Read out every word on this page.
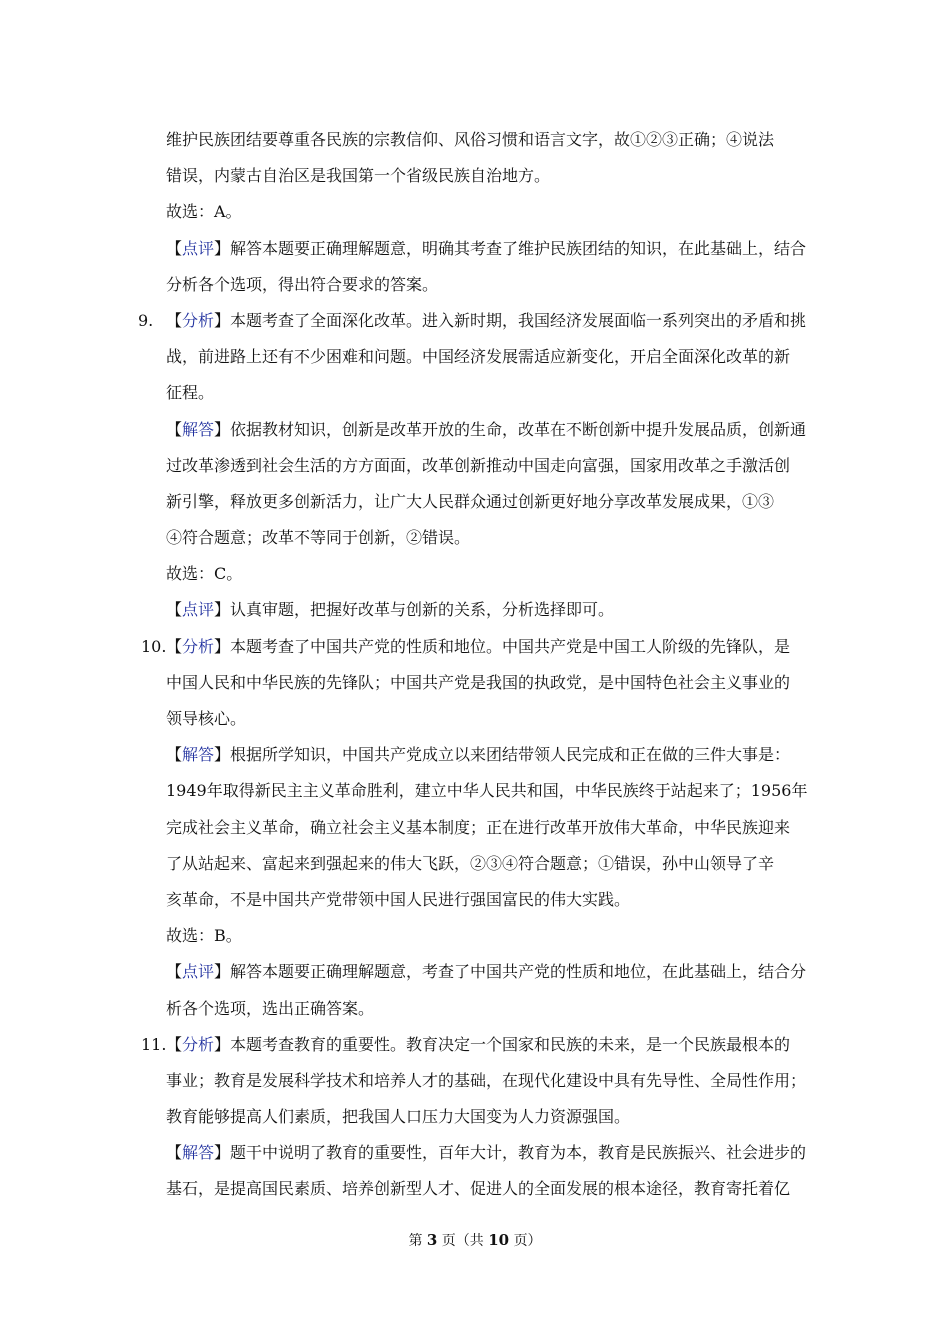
维护民族团结要尊重各民族的宗教信仰、风俗习惯和语言文字，故①②③正确；④说法
错误，内蒙古自治区是我国第一个省级民族自治地方。
故选：A。
【点评】解答本题要正确理解题意，明确其考查了维护民族团结的知识，在此基础上，结合
分析各个选项，得出符合要求的答案。
9. 【分析】本题考查了全面深化改革。进入新时期，我国经济发展面临一系列突出的矛盾和挑
战，前进路上还有不少困难和问题。中国经济发展需适应新变化，开启全面深化改革的新
征程。
【解答】依据教材知识，创新是改革开放的生命，改革在不断创新中提升发展品质，创新通
过改革渗透到社会生活的方方面面，改革创新推动中国走向富强，国家用改革之手激活创
新引擎，释放更多创新活力，让广大人民群众通过创新更好地分享改革发展成果，①③
④符合题意；改革不等同于创新，②错误。
故选：C。
【点评】认真审题，把握好改革与创新的关系，分析选择即可。
10. 【分析】本题考查了中国共产党的性质和地位。中国共产党是中国工人阶级的先锋队，是
中国人民和中华民族的先锋队；中国共产党是我国的执政党，是中国特色社会主义事业的
领导核心。
【解答】根据所学知识，中国共产党成立以来团结带领人民完成和正在做的三件大事是：
1949年取得新民主主义革命胜利，建立中华人民共和国，中华民族终于站起来了；1956年
完成社会主义革命，确立社会主义基本制度；正在进行改革开放伟大革命，中华民族迎来
了从站起来、富起来到强起来的伟大飞跃，②③④符合题意；①错误，孙中山领导了辛
亥革命，不是中国共产党带领中国人民进行强国富民的伟大实践。
故选：B。
【点评】解答本题要正确理解题意，考查了中国共产党的性质和地位，在此基础上，结合分
析各个选项，选出正确答案。
11. 【分析】本题考查教育的重要性。教育决定一个国家和民族的未来，是一个民族最根本的
事业；教育是发展科学技术和培养人才的基础，在现代化建设中具有先导性、全局性作用；
教育能够提高人们素质，把我国人口压力大国变为人力资源强国。
【解答】题干中说明了教育的重要性，百年大计，教育为本，教育是民族振兴、社会进步的
基石，是提高国民素质、培养创新型人才、促进人的全面发展的根本途径，教育寄托着亿
第 3 页（共 10 页）
